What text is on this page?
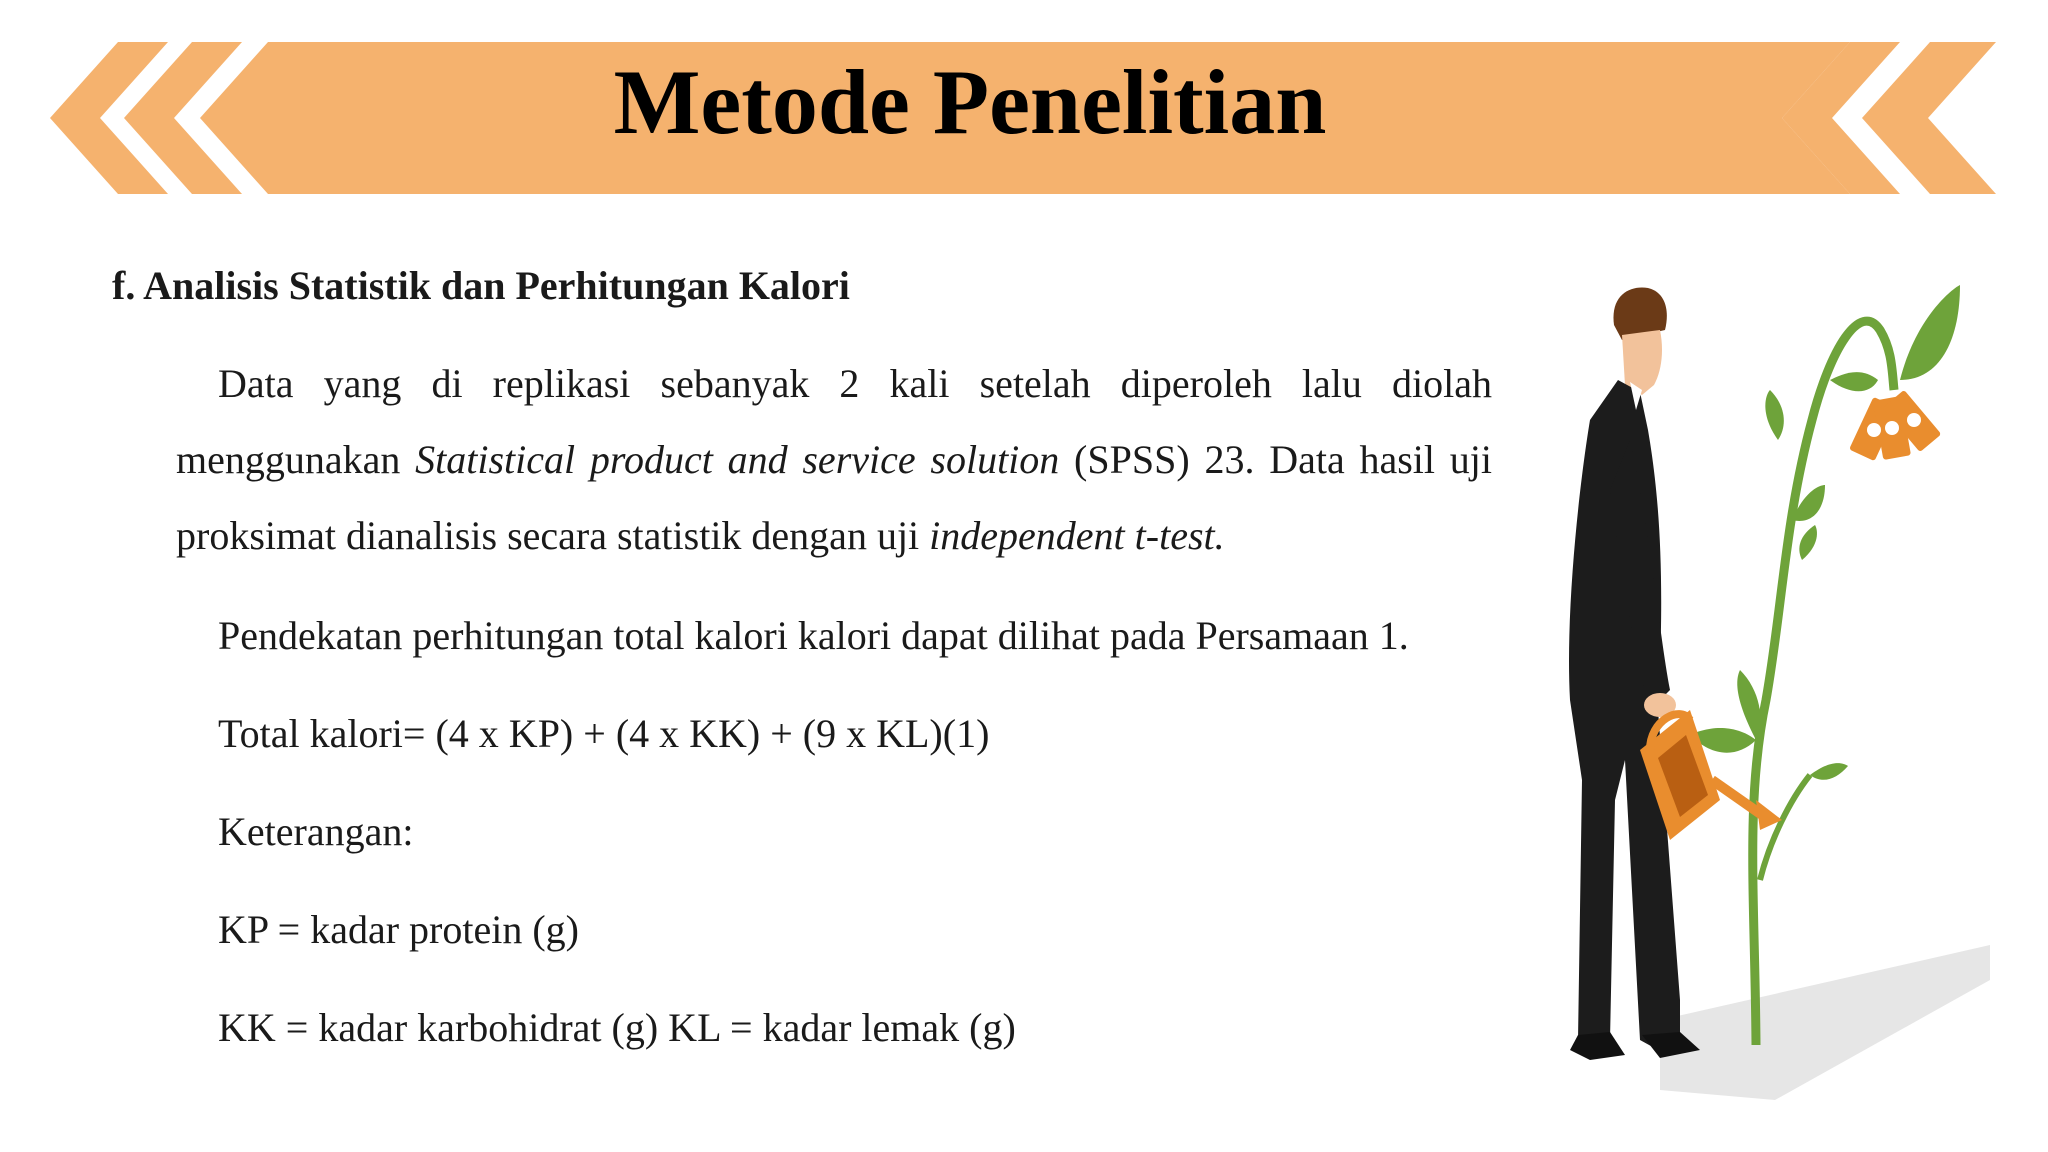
Metode Penelitian

f. Analisis Statistik dan Perhitungan Kalori

Data yang di replikasi sebanyak 2 kali setelah diperoleh lalu diolah menggunakan Statistical product and service solution (SPSS) 23. Data hasil uji proksimat dianalisis secara statistik dengan uji independent t-test.

Pendekatan perhitungan total kalori kalori dapat dilihat pada Persamaan 1.

Total kalori= (4 x KP) + (4 x KK) + (9 x KL)(1)

Keterangan:

KP = kadar protein (g)

KK = kadar karbohidrat (g) KL = kadar lemak (g)
